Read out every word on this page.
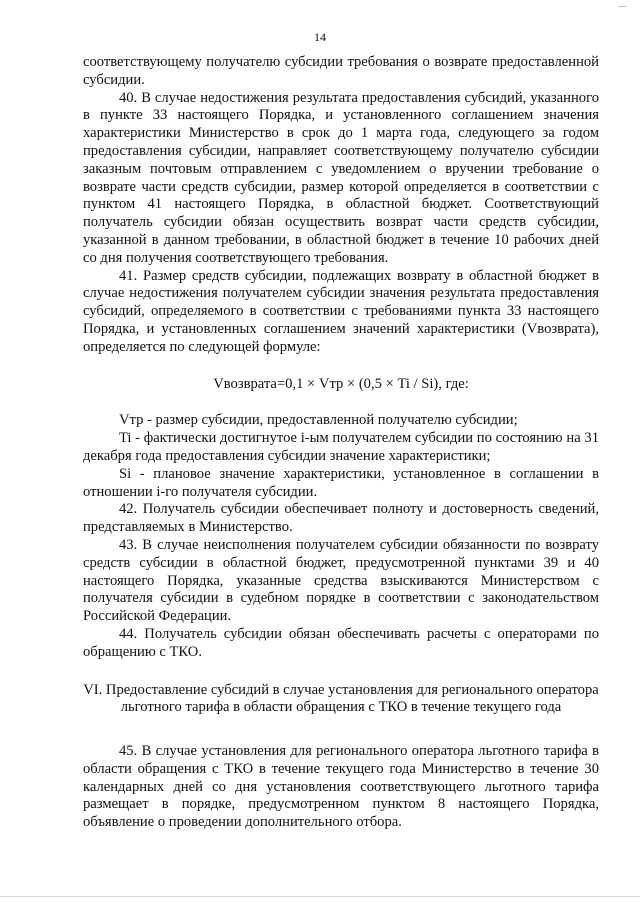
14

соответствующему получателю субсидии требования о возврате предоставленной субсидии.

40. В случае недостижения результата предоставления субсидий, указанного в пункте 33 настоящего Порядка, и установленного соглашением значения характеристики Министерство в срок до 1 марта года, следующего за годом предоставления субсидии, направляет соответствующему получателю субсидии заказным почтовым отправлением с уведомлением о вручении требование о возврате части средств субсидии, размер которой определяется в соответствии с пунктом 41 настоящего Порядка, в областной бюджет. Соответствующий получатель субсидии обязан осуществить возврат части средств субсидии, указанной в данном требовании, в областной бюджет в течение 10 рабочих дней со дня получения соответствующего требования.

41. Размер средств субсидии, подлежащих возврату в областной бюджет в случае недостижения получателем субсидии значения результата предоставления субсидий, определяемого в соответствии с требованиями пункта 33 настоящего Порядка, и установленных соглашением значений характеристики (Vвозврата), определяется по следующей формуле:

Vвозврата=0,1 × Vтр × (0,5 × Ti / Si), где:

Vтр - размер субсидии, предоставленной получателю субсидии;

Ti - фактически достигнутое i-ым получателем субсидии по состоянию на 31 декабря года предоставления субсидии значение характеристики;

Si - плановое значение характеристики, установленное в соглашении в отношении i-го получателя субсидии.

42. Получатель субсидии обеспечивает полноту и достоверность сведений, представляемых в Министерство.

43. В случае неисполнения получателем субсидии обязанности по возврату средств субсидии в областной бюджет, предусмотренной пунктами 39 и 40 настоящего Порядка, указанные средства взыскиваются Министерством с получателя субсидии в судебном порядке в соответствии с законодательством Российской Федерации.

44. Получатель субсидии обязан обеспечивать расчеты с операторами по обращению с ТКО.

VI. Предоставление субсидий в случае установления для регионального оператора льготного тарифа в области обращения с ТКО в течение текущего года

45. В случае установления для регионального оператора льготного тарифа в области обращения с ТКО в течение текущего года Министерство в течение 30 календарных дней со дня установления соответствующего льготного тарифа размещает в порядке, предусмотренном пунктом 8 настоящего Порядка, объявление о проведении дополнительного отбора.
